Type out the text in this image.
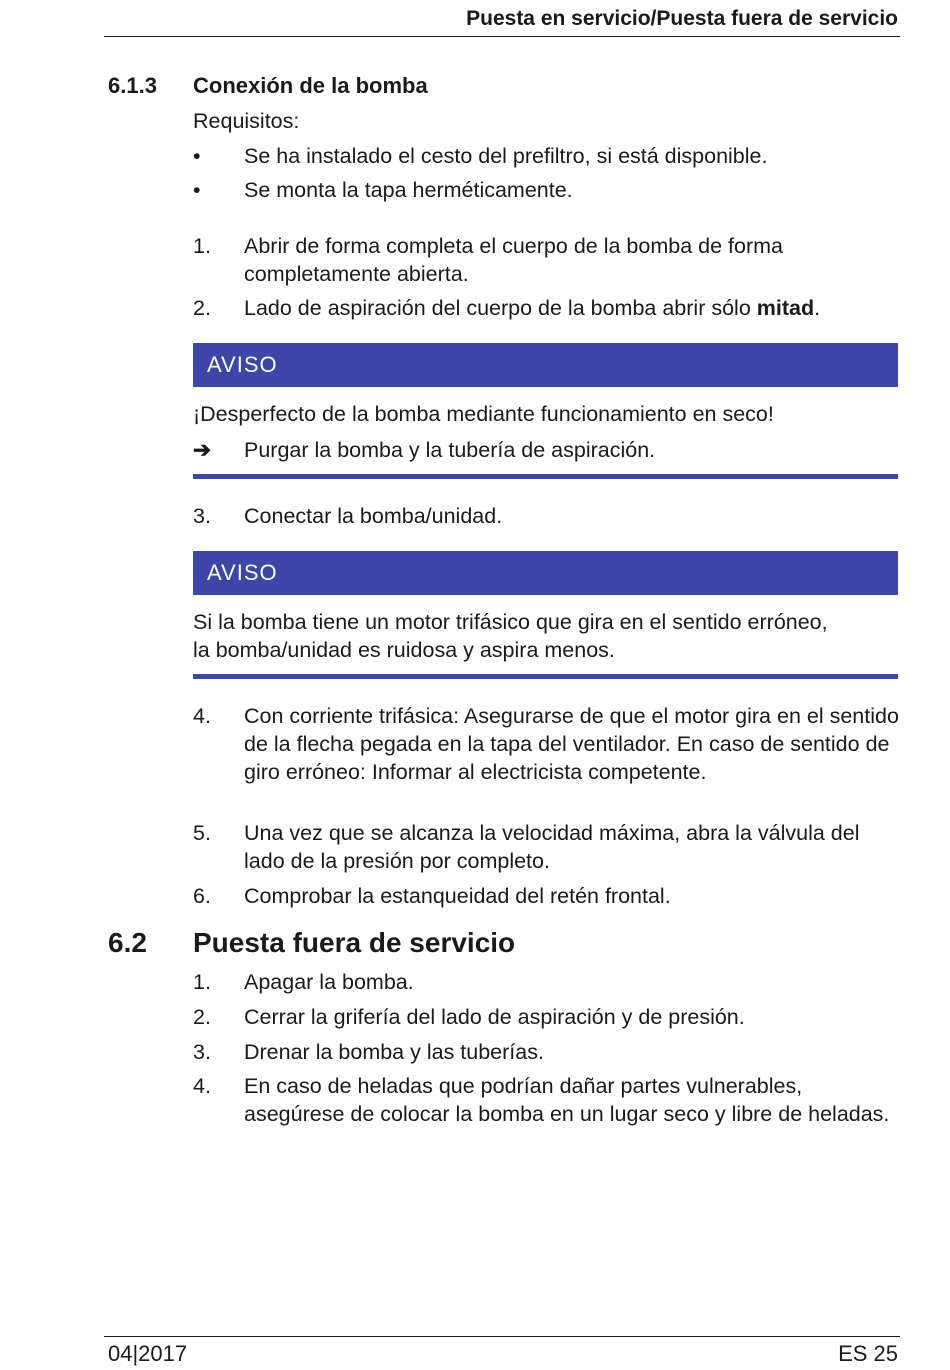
Puesta en servicio/Puesta fuera de servicio
6.1.3 Conexión de la bomba
Requisitos:
• Se ha instalado el cesto del prefiltro, si está disponible.
• Se monta la tapa herméticamente.
1. Abrir de forma completa el cuerpo de la bomba de forma completamente abierta.
2. Lado de aspiración del cuerpo de la bomba abrir sólo mitad.
AVISO
¡Desperfecto de la bomba mediante funcionamiento en seco!
➔ Purgar la bomba y la tubería de aspiración.
3. Conectar la bomba/unidad.
AVISO
Si la bomba tiene un motor trifásico que gira en el sentido erróneo, la bomba/unidad es ruidosa y aspira menos.
4. Con corriente trifásica: Asegurarse de que el motor gira en el sentido de la flecha pegada en la tapa del ventilador. En caso de sentido de giro erróneo: Informar al electricista competente.
5. Una vez que se alcanza la velocidad máxima, abra la válvula del lado de la presión por completo.
6. Comprobar la estanqueidad del retén frontal.
6.2 Puesta fuera de servicio
1. Apagar la bomba.
2. Cerrar la grifería del lado de aspiración y de presión.
3. Drenar la bomba y las tuberías.
4. En caso de heladas que podrían dañar partes vulnerables, asegúrese de colocar la bomba en un lugar seco y libre de heladas.
04|2017	ES 25
